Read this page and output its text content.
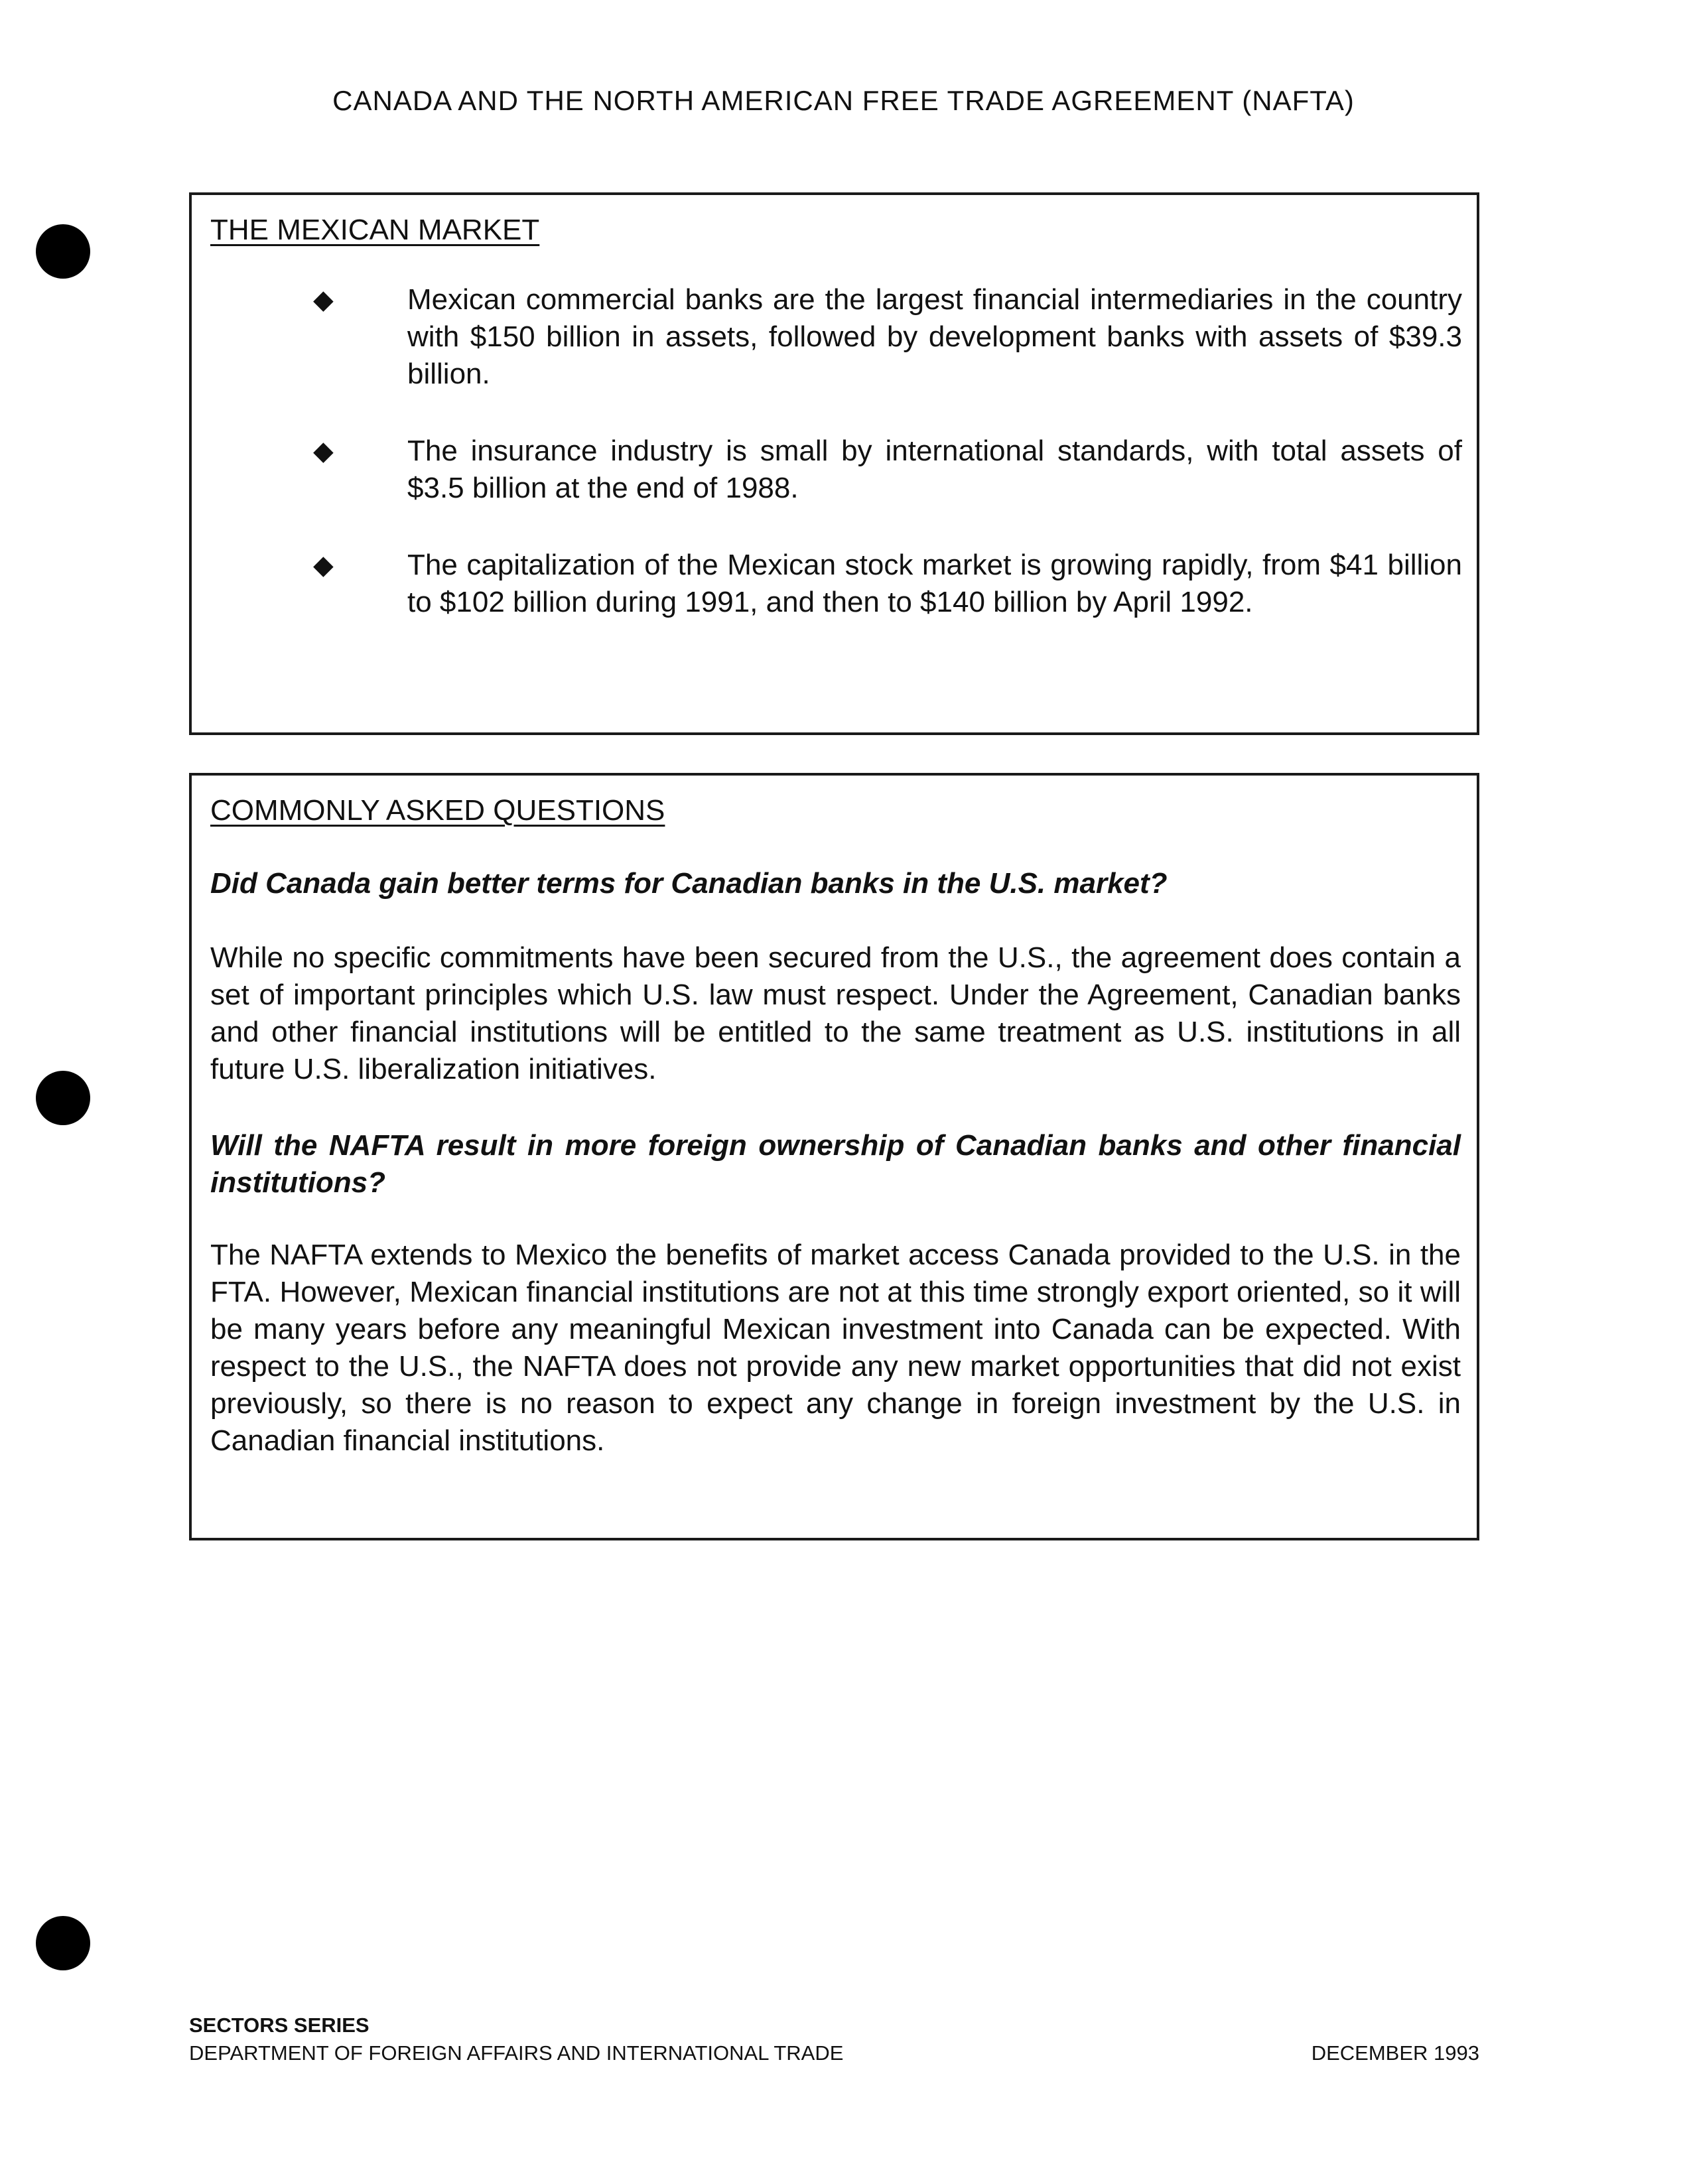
CANADA AND THE NORTH AMERICAN FREE TRADE AGREEMENT (NAFTA)
THE MEXICAN MARKET
◆	Mexican commercial banks are the largest financial intermediaries in the country with $150 billion in assets, followed by development banks with assets of $39.3 billion.
◆	The insurance industry is small by international standards, with total assets of $3.5 billion at the end of 1988.
◆	The capitalization of the Mexican stock market is growing rapidly, from $41 billion to $102 billion during 1991, and then to $140 billion by April 1992.
COMMONLY ASKED QUESTIONS
Did Canada gain better terms for Canadian banks in the U.S. market?
While no specific commitments have been secured from the U.S., the agreement does contain a set of important principles which U.S. law must respect. Under the Agreement, Canadian banks and other financial institutions will be entitled to the same treatment as U.S. institutions in all future U.S. liberalization initiatives.
Will the NAFTA result in more foreign ownership of Canadian banks and other financial institutions?
The NAFTA extends to Mexico the benefits of market access Canada provided to the U.S. in the FTA. However, Mexican financial institutions are not at this time strongly export oriented, so it will be many years before any meaningful Mexican investment into Canada can be expected. With respect to the U.S., the NAFTA does not provide any new market opportunities that did not exist previously, so there is no reason to expect any change in foreign investment by the U.S. in Canadian financial institutions.
SECTORS SERIES
DEPARTMENT OF FOREIGN AFFAIRS AND INTERNATIONAL TRADE	DECEMBER 1993
